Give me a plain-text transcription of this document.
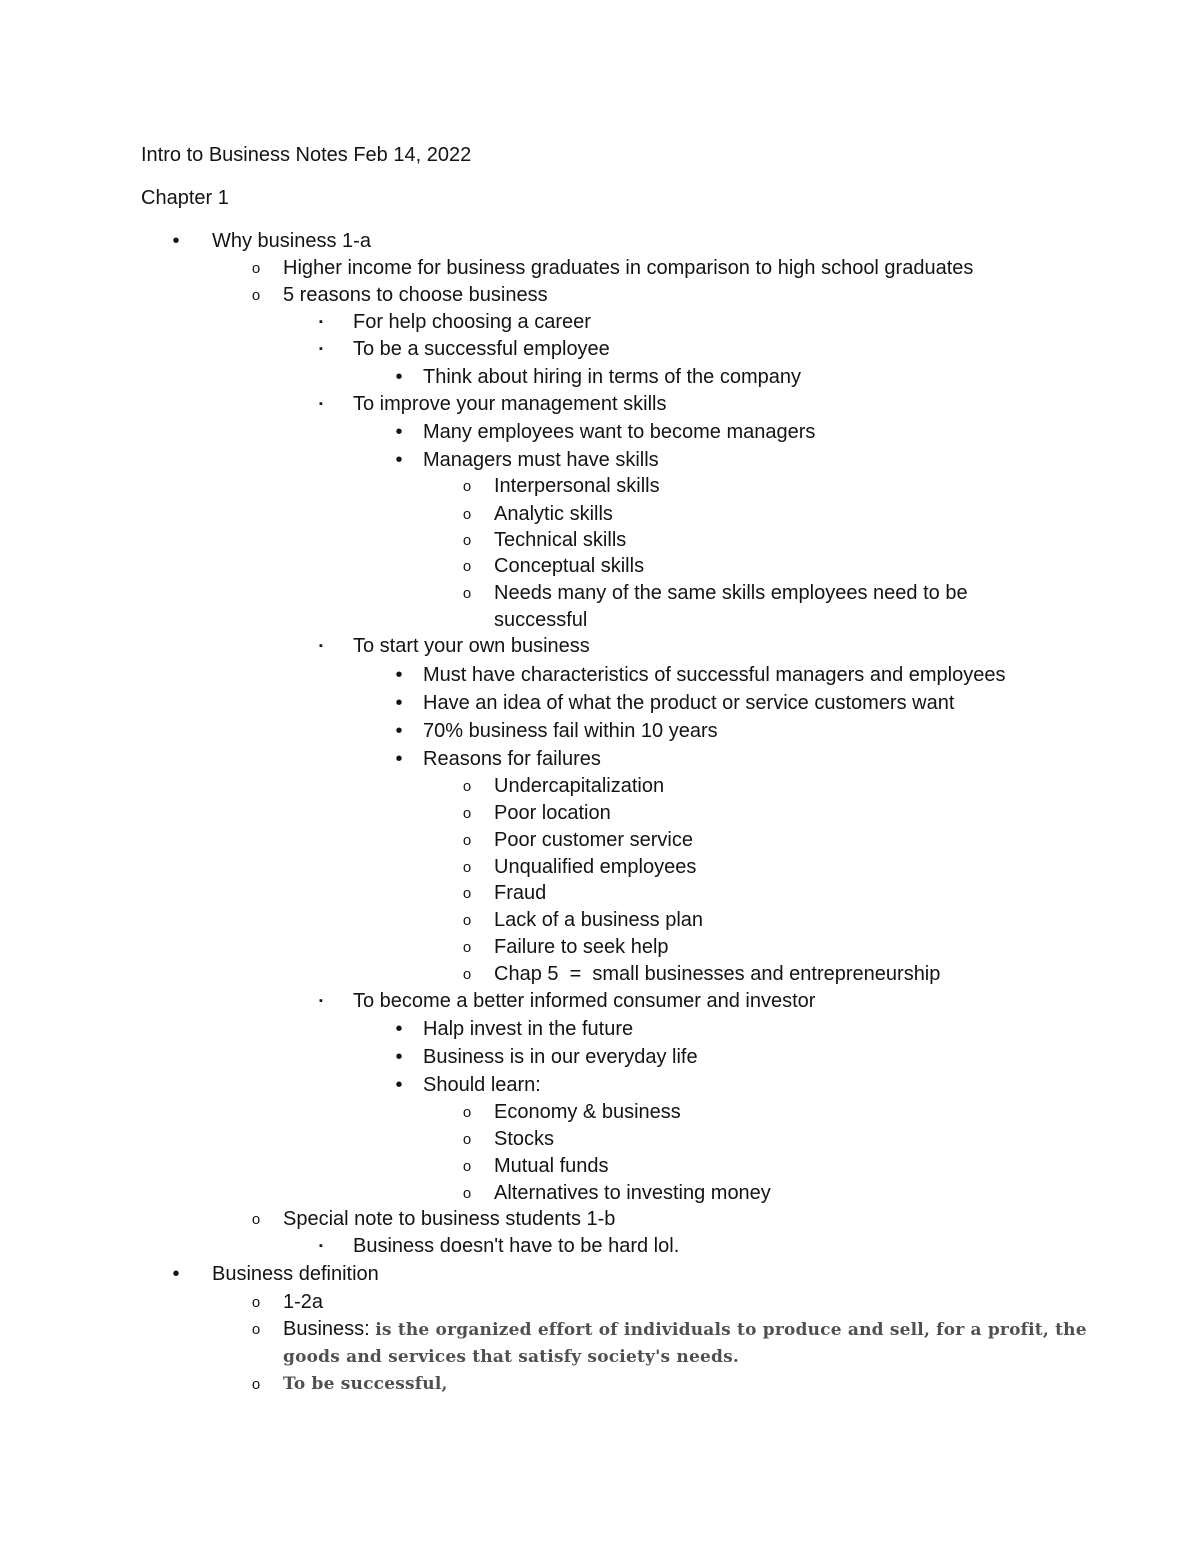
Intro to Business Notes Feb 14, 2022
Chapter 1
•	Why business 1-a
o Higher income for business graduates in comparison to high school graduates
o 5 reasons to choose business
▪	For help choosing a career
▪	To be a successful employee
•	Think about hiring in terms of the company
▪	To improve your management skills
•	Many employees want to become managers
•	Managers must have skills
o Interpersonal skills
o Analytic skills
o Technical skills
o Conceptual skills
o Needs many of the same skills employees need to be
successful
▪	To start your own business
•	Must have characteristics of successful managers and employees
•	Have an idea of what the product or service customers want
•	70% business fail within 10 years
•	Reasons for failures
o Undercapitalization
o Poor location
o Poor customer service
o Unqualified employees
o Fraud
o Lack of a business plan
o Failure to seek help
o Chap 5  =  small businesses and entrepreneurship
▪	To become a better informed consumer and investor
•	Halp invest in the future
•	Business is in our everyday life
•	Should learn:
o Economy & business
o Stocks
o Mutual funds
o Alternatives to investing money
o Special note to business students 1-b
▪	Business doesn't have to be hard lol.
•	Business definition
o 1-2a
o Business: is the organized effort of individuals to produce and sell, for a profit, the
goods and services that satisfy society's needs.
o	To be successful,
